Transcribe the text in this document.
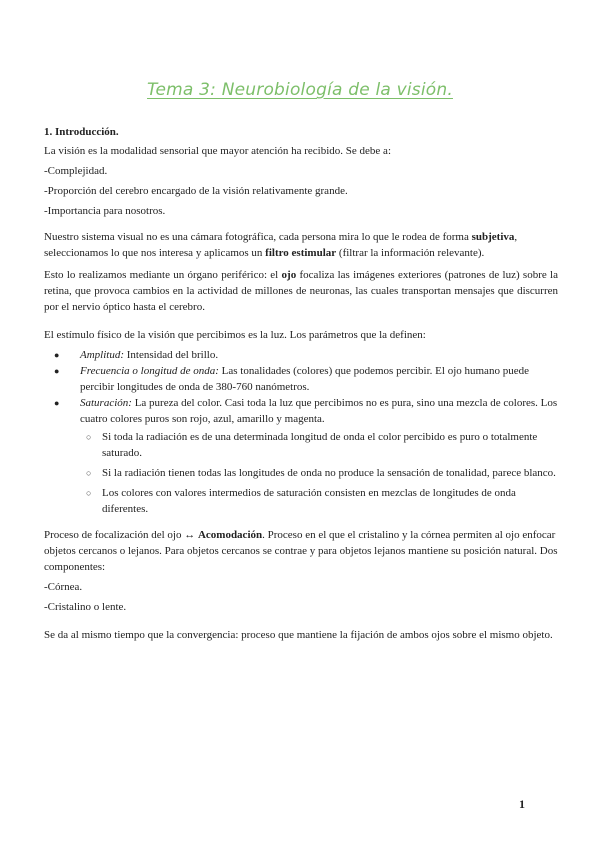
Tema 3: Neurobiología de la visión.

1. Introducción.

La visión es la modalidad sensorial que mayor atención ha recibido. Se debe a:

-Complejidad.

-Proporción del cerebro encargado de la visión relativamente grande.

-Importancia para nosotros.

Nuestro sistema visual no es una cámara fotográfica, cada persona mira lo que le rodea de forma subjetiva, seleccionamos lo que nos interesa y aplicamos un filtro estimular (filtrar la información relevante).

Esto lo realizamos mediante un órgano periférico: el ojo focaliza las imágenes exteriores (patrones de luz) sobre la retina, que provoca cambios en la actividad de millones de neuronas, las cuales transportan mensajes que discurren por el nervio óptico hasta el cerebro.

El estímulo físico de la visión que percibimos es la luz. Los parámetros que la definen:

● Amplitud: Intensidad del brillo.
● Frecuencia o longitud de onda: Las tonalidades (colores) que podemos percibir. El ojo humano puede percibir longitudes de onda de 380-760 nanómetros.
● Saturación: La pureza del color. Casi toda la luz que percibimos no es pura, sino una mezcla de colores. Los cuatro colores puros son rojo, azul, amarillo y magenta.
○ Si toda la radiación es de una determinada longitud de onda el color percibido es puro o totalmente saturado.
○ Si la radiación tienen todas las longitudes de onda no produce la sensación de tonalidad, parece blanco.
○ Los colores con valores intermedios de saturación consisten en mezclas de longitudes de onda diferentes.

Proceso de focalización del ojo ↔ Acomodación. Proceso en el que el cristalino y la córnea permiten al ojo enfocar objetos cercanos o lejanos. Para objetos cercanos se contrae y para objetos lejanos mantiene su posición natural. Dos componentes:

-Córnea.

-Cristalino o lente.

Se da al mismo tiempo que la convergencia: proceso que mantiene la fijación de ambos ojos sobre el mismo objeto.

1
